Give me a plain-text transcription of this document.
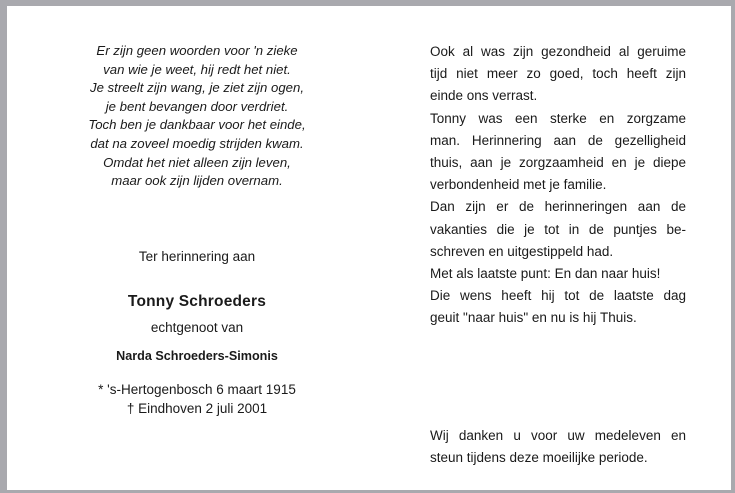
Er zijn geen woorden voor 'n zieke
van wie je weet, hij redt het niet.
Je streelt zijn wang, je ziet zijn ogen,
je bent bevangen door verdriet.
Toch ben je dankbaar voor het einde,
dat na zoveel moedig strijden kwam.
Omdat het niet alleen zijn leven,
maar ook zijn lijden overnam.
Ter herinnering aan
Tonny Schroeders
echtgenoot van
Narda Schroeders-Simonis
* 's-Hertogenbosch 6 maart 1915
† Eindhoven 2 juli 2001
Ook al was zijn gezondheid al geruime
tijd niet meer zo goed, toch heeft zijn
einde ons verrast.
Tonny was een sterke en zorgzame
man. Herinnering aan de gezelligheid
thuis, aan je zorgzaamheid en je diepe
verbondenheid met je familie.
Dan zijn er de herinneringen aan de
vakanties die je tot in de puntjes be-
schreven en uitgestippeld had.
Met als laatste punt: En dan naar huis!
Die wens heeft hij tot de laatste dag
geuit "naar huis" en nu is hij Thuis.
Wij danken u voor uw medeleven en
steun tijdens deze moeilijke periode.
